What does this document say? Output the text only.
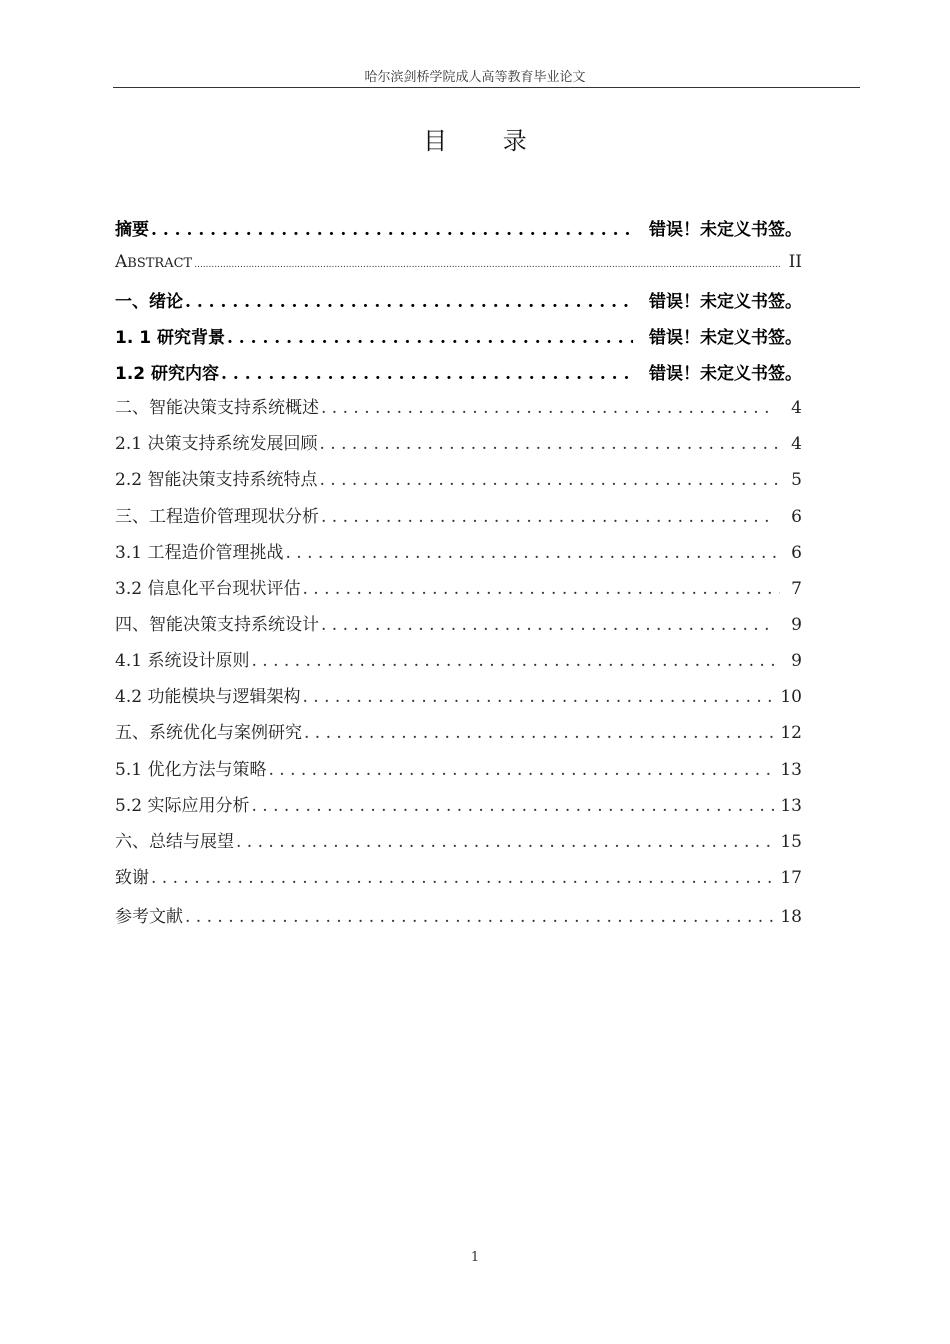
哈尔滨剑桥学院成人高等教育毕业论文
目 录
摘要 . . .	错误！未定义书签。
ABSTRACT .....	II
一、绪论 . . .	错误！未定义书签。
1. 1 研究背景 . . .	错误！未定义书签。
1.2 研究内容 . . .	错误！未定义书签。
二、智能决策支持系统概述 . . .	4
2.1 决策支持系统发展回顾 . . .	4
2.2 智能决策支持系统特点 . . .	5
三、工程造价管理现状分析 . . .	6
3.1 工程造价管理挑战 . . .	6
3.2 信息化平台现状评估 . . .	7
四、智能决策支持系统设计 . . .	9
4.1 系统设计原则 . . .	9
4.2 功能模块与逻辑架构 . . .	10
五、系统优化与案例研究 . . .	12
5.1 优化方法与策略 . . .	13
5.2 实际应用分析 . . .	13
六、总结与展望 . . .	15
致谢 . . .	17
参考文献 . . .	18
1
